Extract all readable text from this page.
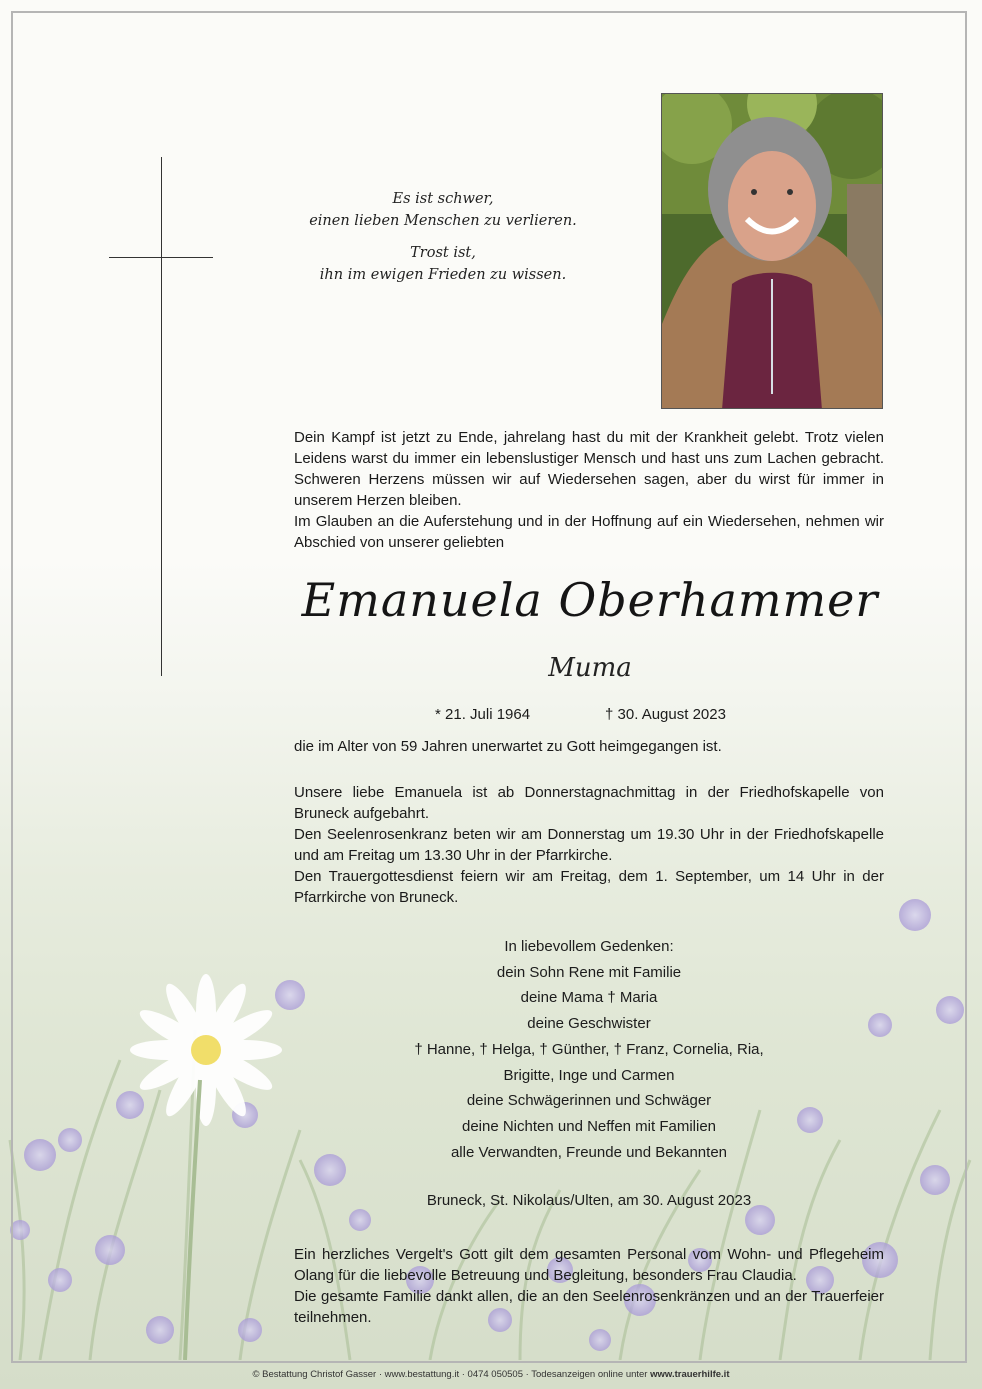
Es ist schwer,

einen lieben Menschen zu verlieren.

Trost ist,

ihn im ewigen Frieden zu wissen.

Dein Kampf ist jetzt zu Ende, jahrelang hast du mit der Krankheit gelebt. Trotz vielen Leidens warst du immer ein lebenslustiger Mensch und hast uns zum Lachen gebracht. Schweren Herzens müssen wir auf Wiedersehen sagen, aber du wirst für immer in unserem Herzen bleiben.

Im Glauben an die Auferstehung und in der Hoffnung auf ein Wiedersehen, nehmen wir Abschied von unserer geliebten

Emanuela Oberhammer
Muma
* 21. Juli 1964	† 30. August 2023

die im Alter von 59 Jahren unerwartet zu Gott heimgegangen ist.

Unsere liebe Emanuela ist ab Donnerstagnachmittag in der Friedhofskapelle von Bruneck aufgebahrt.

Den Seelenrosenkranz beten wir am Donnerstag um 19.30 Uhr in der Friedhofskapelle und am Freitag um 13.30 Uhr in der Pfarrkirche.

Den Trauergottesdienst feiern wir am Freitag, dem 1. September, um 14 Uhr in der Pfarrkirche von Bruneck.

In liebevollem Gedenken:

dein Sohn Rene mit Familie

deine Mama † Maria

deine Geschwister

† Hanne, † Helga, † Günther, † Franz, Cornelia, Ria,

Brigitte, Inge und Carmen

deine Schwägerinnen und Schwäger

deine Nichten und Neffen mit Familien

alle Verwandten, Freunde und Bekannten

Bruneck, St. Nikolaus/Ulten, am 30. August 2023

Ein herzliches Vergelt's Gott gilt dem gesamten Personal vom Wohn- und Pflegeheim Olang für die liebevolle Betreuung und Begleitung, besonders Frau Claudia.

Die gesamte Familie dankt allen, die an den Seelenrosenkränzen und an der Trauerfeier teilnehmen.

© Bestattung Christof Gasser · www.bestattung.it · 0474 050505 · Todesanzeigen online unter www.trauerhilfe.it
